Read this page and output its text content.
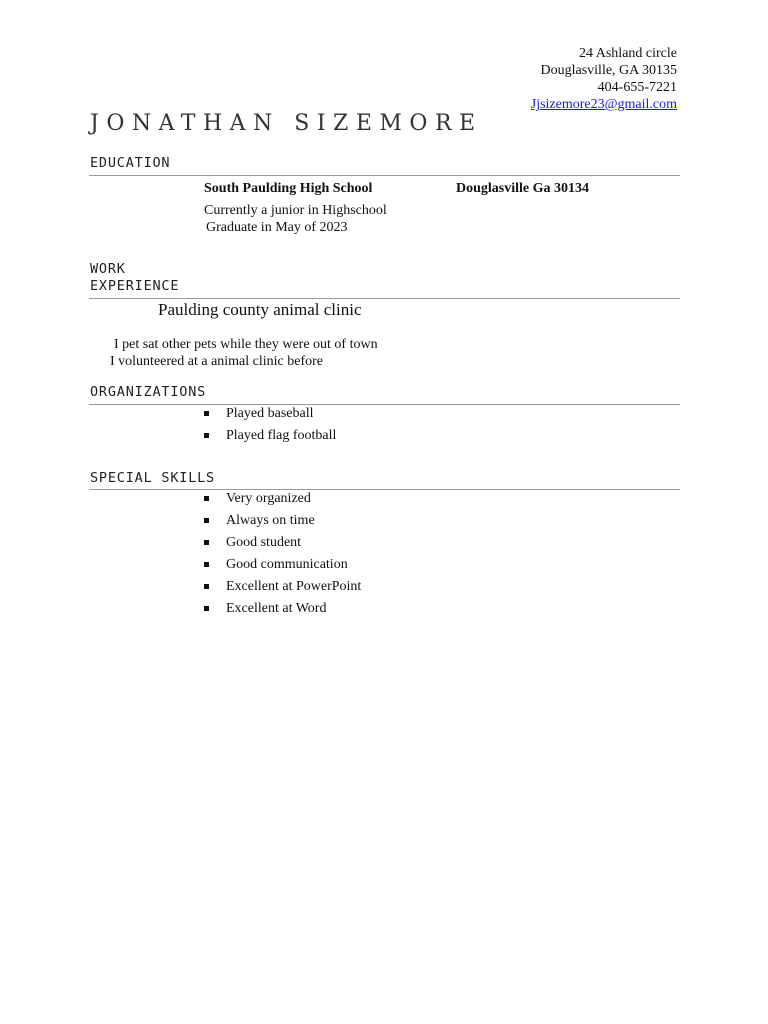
24 Ashland circle
Douglasville, GA 30135
404-655-7221
Jjsizemore23@gmail.com
JONATHAN SIZEMORE
EDUCATION
South Paulding High School	Douglasville Ga 30134
Currently a junior in Highschool
Graduate in May of 2023
WORK
EXPERIENCE
Paulding county animal clinic
I pet sat other pets while they were out of town
I volunteered at a animal clinic before
ORGANIZATIONS
Played baseball
Played flag football
SPECIAL SKILLS
Very organized
Always on time
Good student
Good communication
Excellent at PowerPoint
Excellent at Word
